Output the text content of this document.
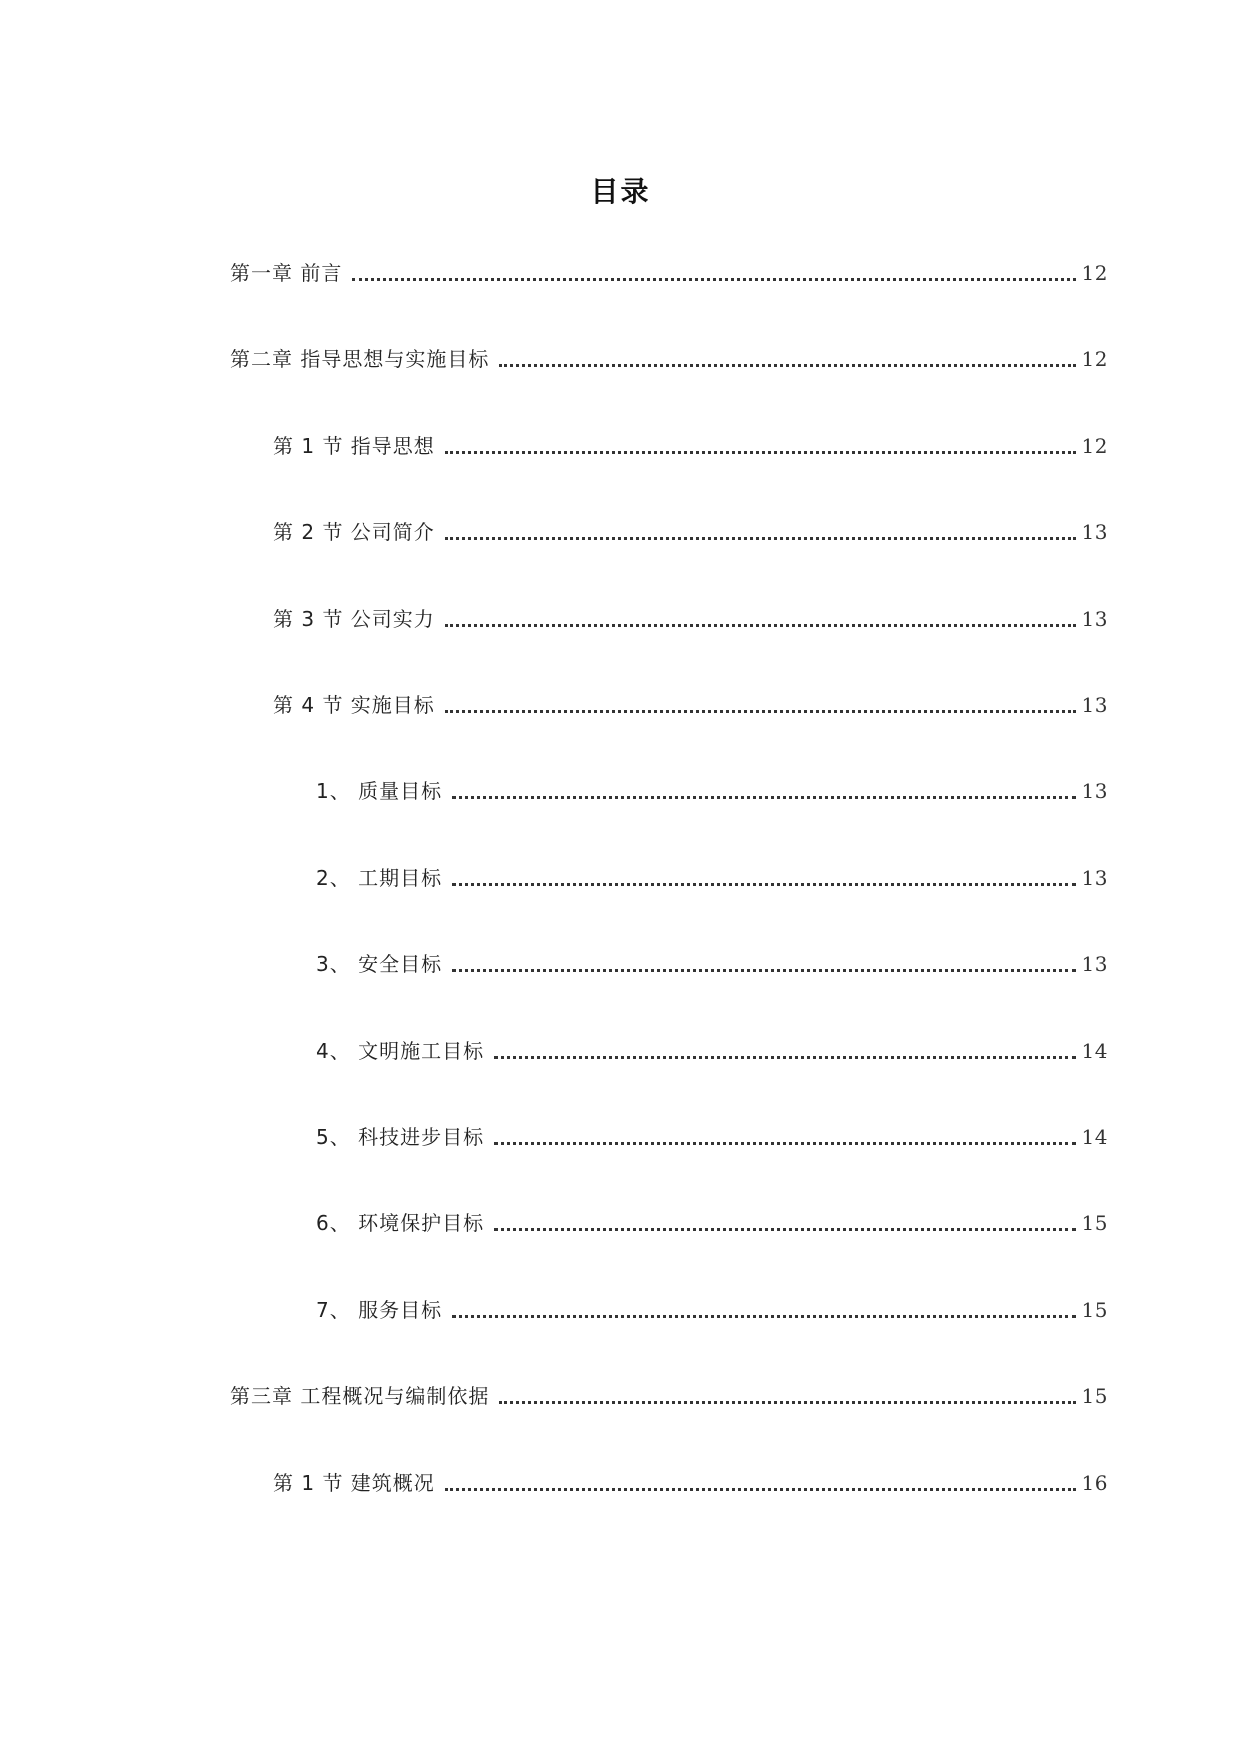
目录
第一章 前言	12
第二章 指导思想与实施目标	12
第 1 节 指导思想	12
第 2 节 公司简介	13
第 3 节 公司实力	13
第 4 节 实施目标	13
1、 质量目标	13
2、 工期目标	13
3、 安全目标	13
4、 文明施工目标	14
5、 科技进步目标	14
6、 环境保护目标	15
7、 服务目标	15
第三章 工程概况与编制依据	15
第 1 节 建筑概况	16
